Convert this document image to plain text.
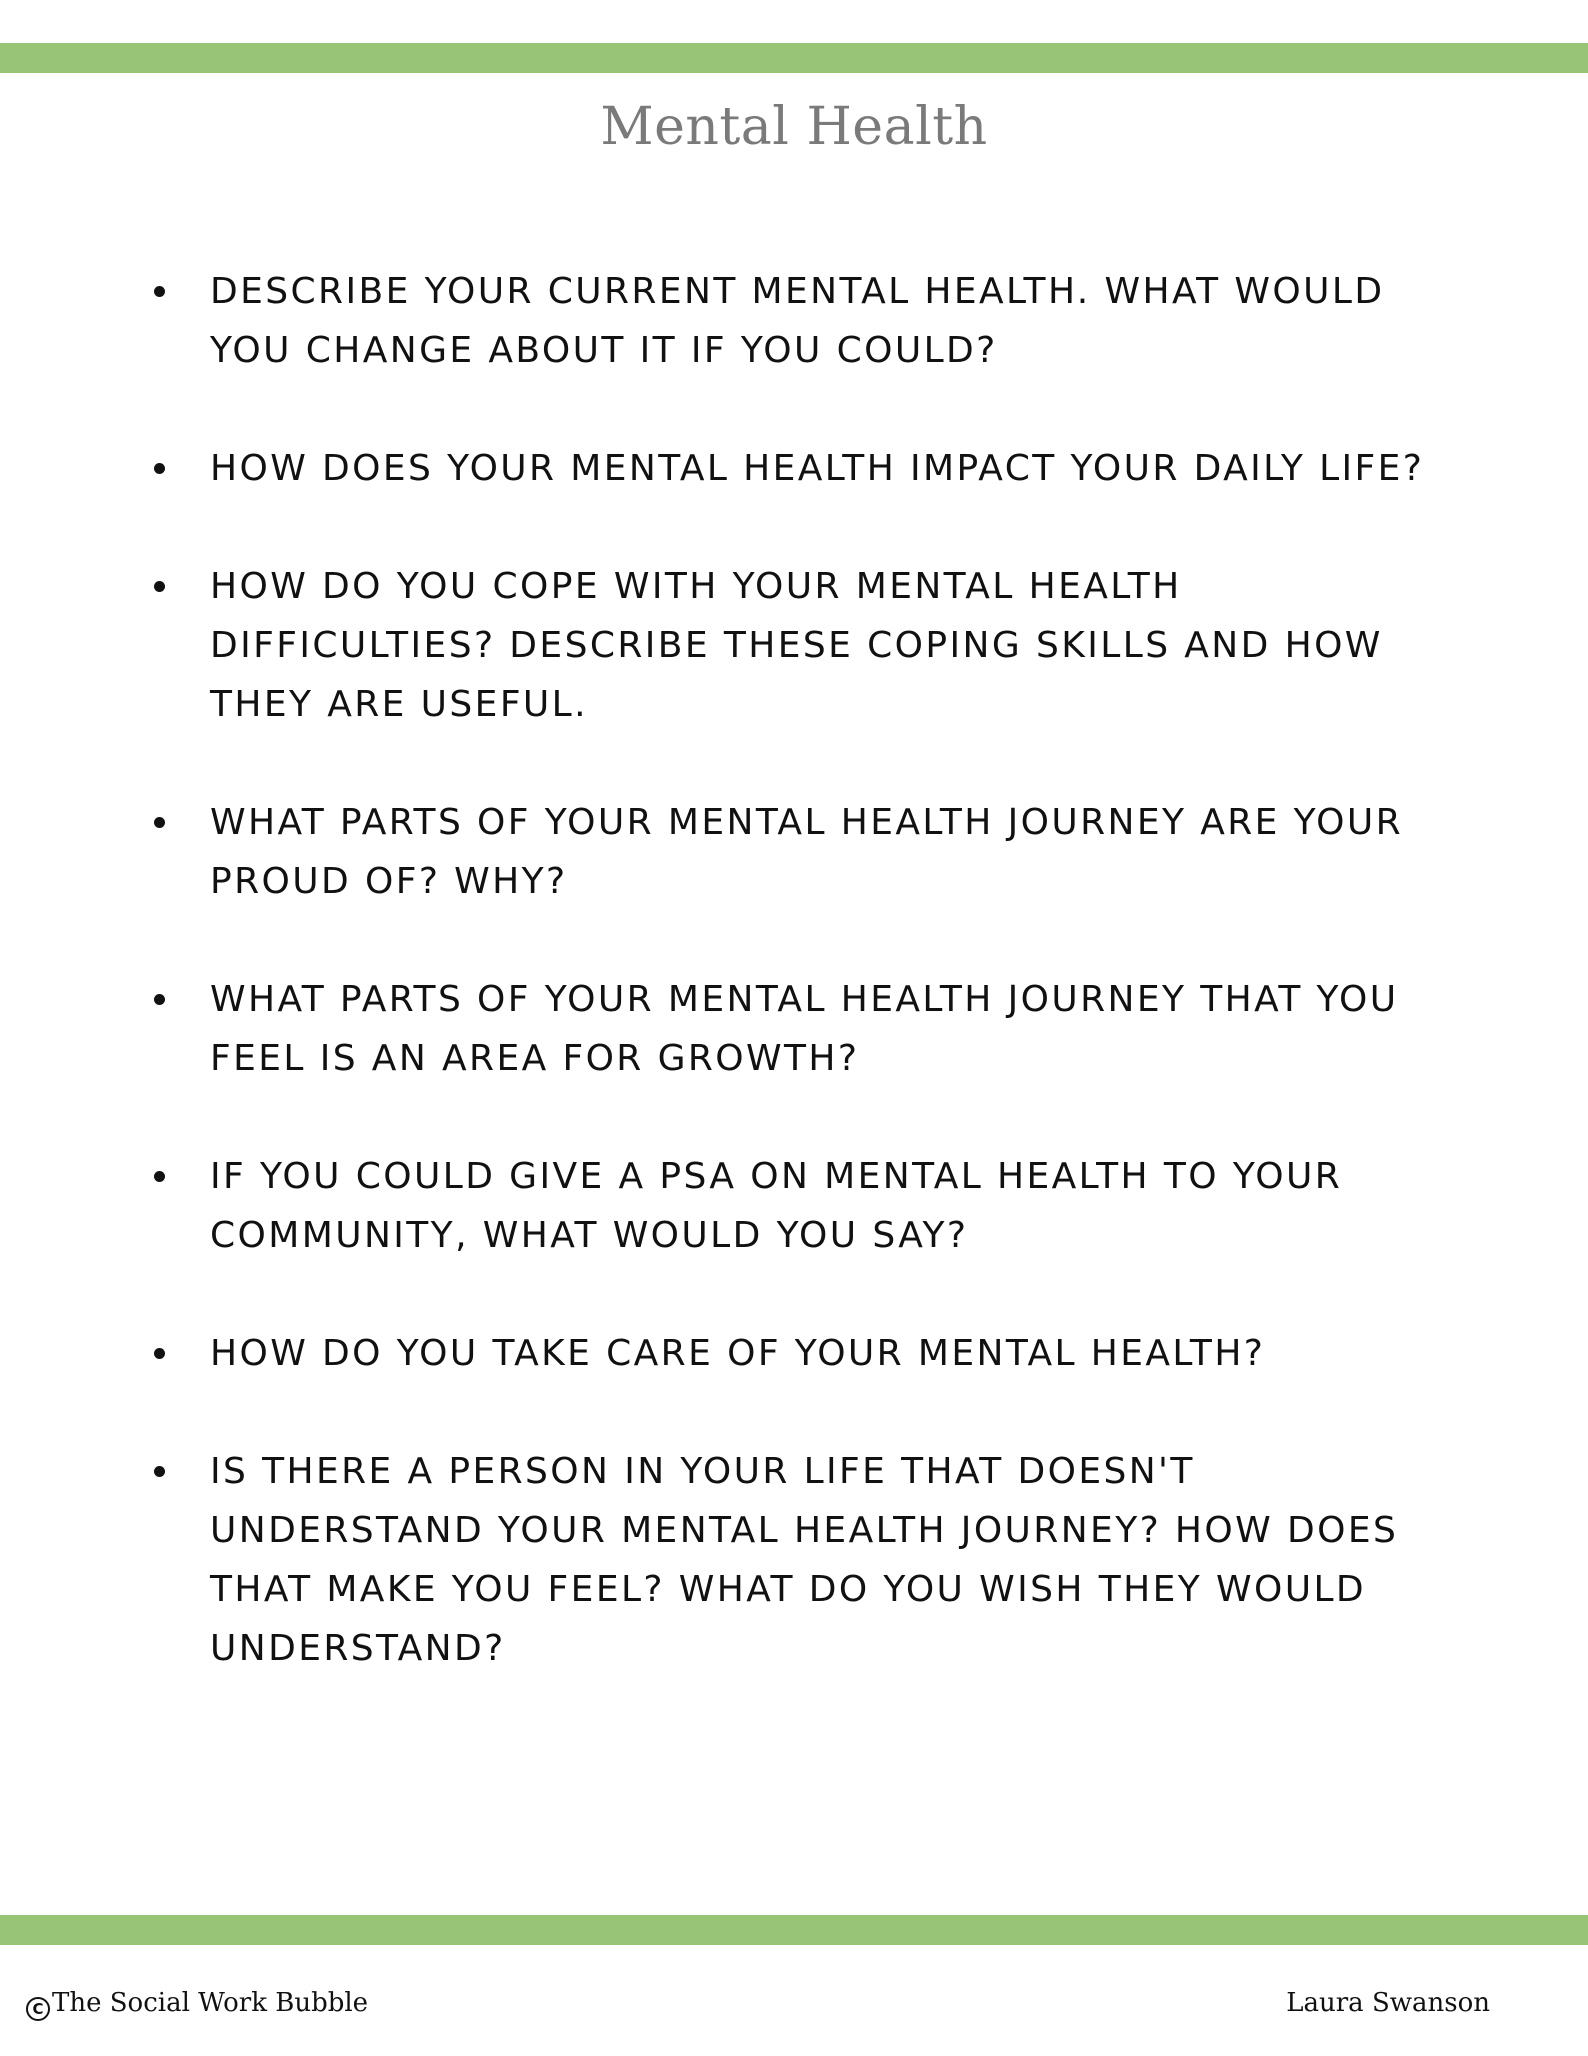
Mental Health
DESCRIBE YOUR CURRENT MENTAL HEALTH. WHAT WOULD YOU CHANGE ABOUT IT IF YOU COULD?
HOW DOES YOUR MENTAL HEALTH IMPACT YOUR DAILY LIFE?
HOW DO YOU COPE WITH YOUR MENTAL HEALTH DIFFICULTIES? DESCRIBE THESE COPING SKILLS AND HOW THEY ARE USEFUL.
WHAT PARTS OF YOUR MENTAL HEALTH JOURNEY ARE YOUR PROUD OF? WHY?
WHAT PARTS OF YOUR MENTAL HEALTH JOURNEY THAT YOU FEEL IS AN AREA FOR GROWTH?
IF YOU COULD GIVE A PSA ON MENTAL HEALTH TO YOUR COMMUNITY, WHAT WOULD YOU SAY?
HOW DO YOU TAKE CARE OF YOUR MENTAL HEALTH?
IS THERE A PERSON IN YOUR LIFE THAT DOESN'T UNDERSTAND YOUR MENTAL HEALTH JOURNEY? HOW DOES THAT MAKE YOU FEEL? WHAT DO YOU WISH THEY WOULD UNDERSTAND?
C The Social Work Bubble	Laura Swanson
